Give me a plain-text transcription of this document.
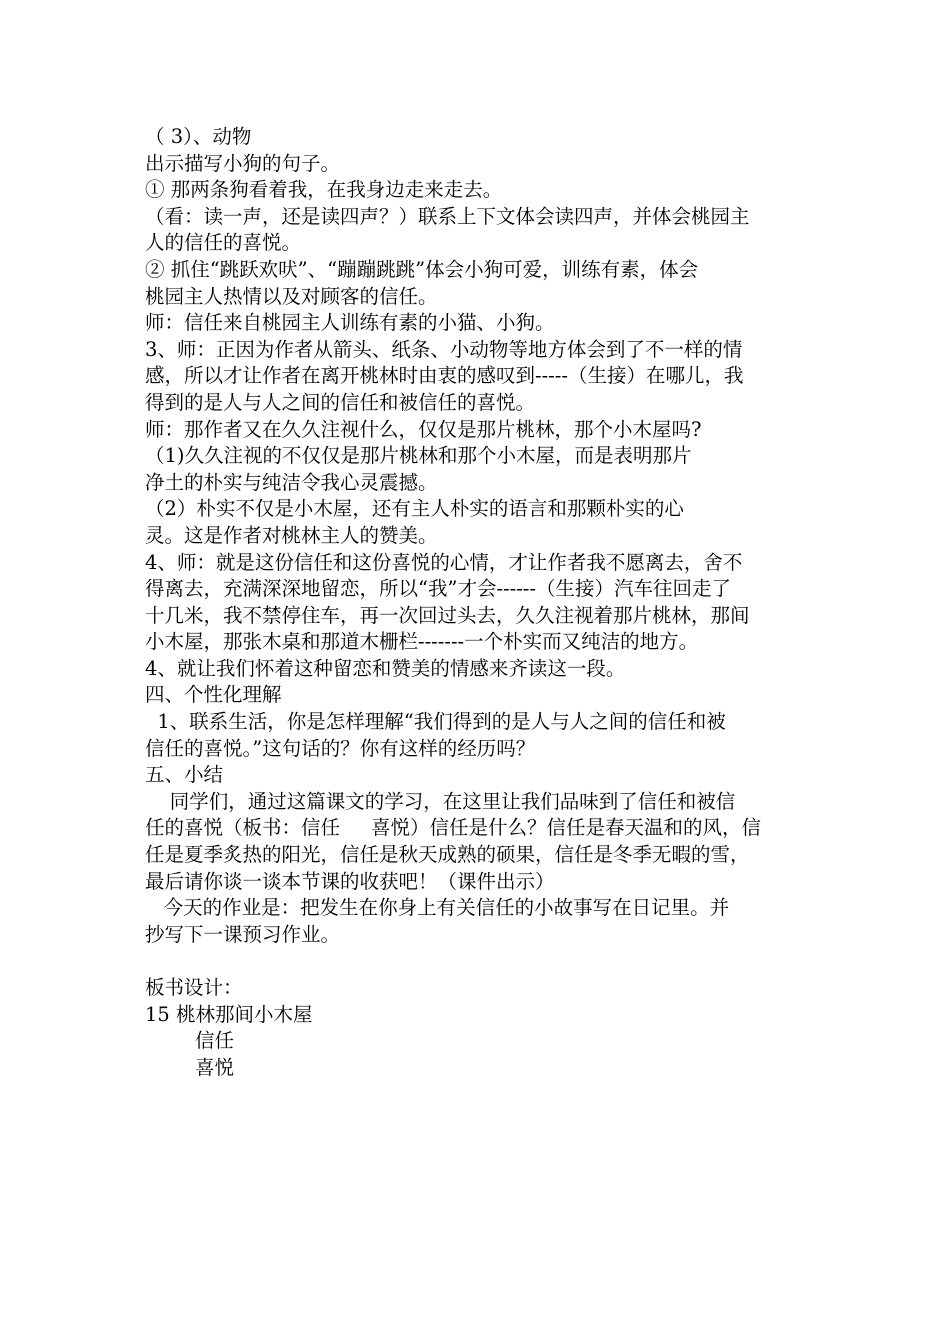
（ 3）、动物
出示描写小狗的句子。
① 那两条狗看着我，在我身边走来走去。
（看：读一声，还是读四声？）联系上下文体会读四声，并体会桃园主
人的信任的喜悦。
② 抓住“跳跃欢吠”、“蹦蹦跳跳”体会小狗可爱，训练有素，体会
桃园主人热情以及对顾客的信任。
师：信任来自桃园主人训练有素的小猫、小狗。
3、师：正因为作者从箭头、纸条、小动物等地方体会到了不一样的情
感，所以才让作者在离开桃林时由衷的感叹到-----（生接）在哪儿，我
得到的是人与人之间的信任和被信任的喜悦。
师：那作者又在久久注视什么，仅仅是那片桃林，那个小木屋吗?
（1)久久注视的不仅仅是那片桃林和那个小木屋，而是表明那片
净土的朴实与纯洁令我心灵震撼。
（2）朴实不仅是小木屋，还有主人朴实的语言和那颗朴实的心
灵。这是作者对桃林主人的赞美。
4、师：就是这份信任和这份喜悦的心情，才让作者我不愿离去，舍不
得离去，充满深深地留恋，所以“我”才会------（生接）汽车往回走了
十几米，我不禁停住车，再一次回过头去，久久注视着那片桃林，那间
小木屋，那张木桌和那道木栅栏-------一个朴实而又纯洁的地方。
4、就让我们怀着这种留恋和赞美的情感来齐读这一段。
四、个性化理解
1、联系生活，你是怎样理解“我们得到的是人与人之间的信任和被
信任的喜悦。”这句话的？你有这样的经历吗？
五、小结
同学们，通过这篇课文的学习，在这里让我们品味到了信任和被信
任的喜悦（板书：信任     喜悦）信任是什么？信任是春天温和的风，信
任是夏季炙热的阳光，信任是秋天成熟的硕果，信任是冬季无暇的雪，
最后请你谈一谈本节课的收获吧！（课件出示）
今天的作业是：把发生在你身上有关信任的小故事写在日记里。并
抄写下一课预习作业。
板书设计：
15 桃林那间小木屋
信任
喜悦
